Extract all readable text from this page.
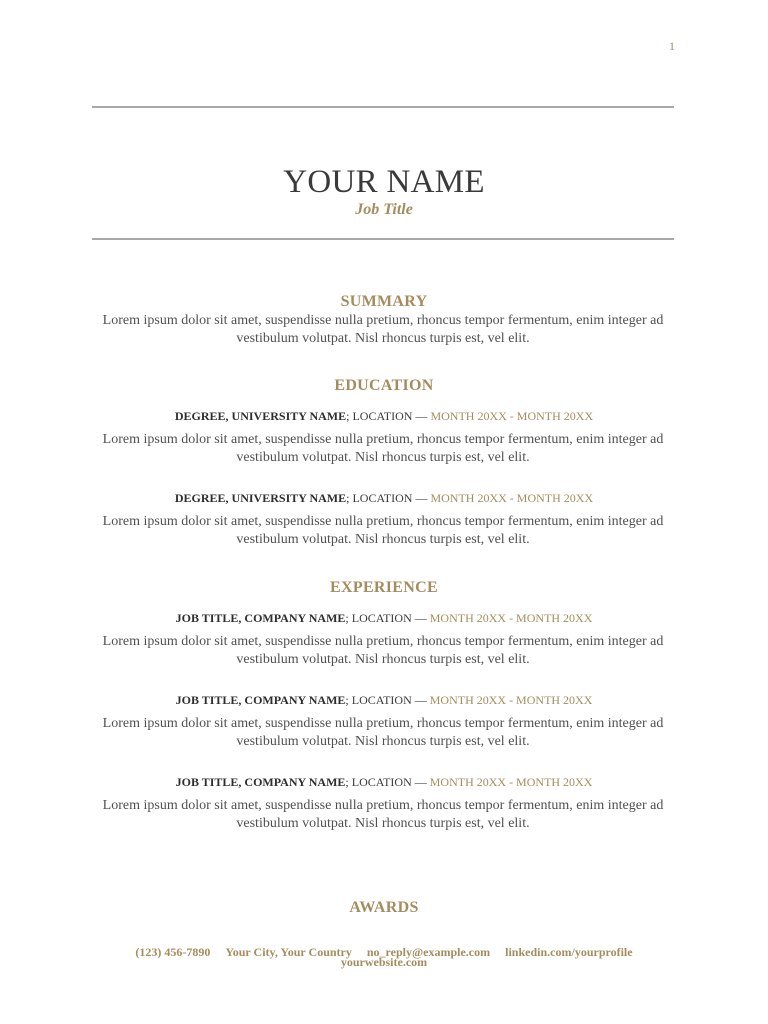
1
YOUR NAME
Job Title
SUMMARY
Lorem ipsum dolor sit amet, suspendisse nulla pretium, rhoncus tempor fermentum, enim integer ad vestibulum volutpat. Nisl rhoncus turpis est, vel elit.
EDUCATION
DEGREE, UNIVERSITY NAME; LOCATION — MONTH 20XX - MONTH 20XX
Lorem ipsum dolor sit amet, suspendisse nulla pretium, rhoncus tempor fermentum, enim integer ad vestibulum volutpat. Nisl rhoncus turpis est, vel elit.
DEGREE, UNIVERSITY NAME; LOCATION — MONTH 20XX - MONTH 20XX
Lorem ipsum dolor sit amet, suspendisse nulla pretium, rhoncus tempor fermentum, enim integer ad vestibulum volutpat. Nisl rhoncus turpis est, vel elit.
EXPERIENCE
JOB TITLE, COMPANY NAME; LOCATION — MONTH 20XX - MONTH 20XX
Lorem ipsum dolor sit amet, suspendisse nulla pretium, rhoncus tempor fermentum, enim integer ad vestibulum volutpat. Nisl rhoncus turpis est, vel elit.
JOB TITLE, COMPANY NAME; LOCATION — MONTH 20XX - MONTH 20XX
Lorem ipsum dolor sit amet, suspendisse nulla pretium, rhoncus tempor fermentum, enim integer ad vestibulum volutpat. Nisl rhoncus turpis est, vel elit.
JOB TITLE, COMPANY NAME; LOCATION — MONTH 20XX - MONTH 20XX
Lorem ipsum dolor sit amet, suspendisse nulla pretium, rhoncus tempor fermentum, enim integer ad vestibulum volutpat. Nisl rhoncus turpis est, vel elit.
AWARDS
(123) 456-7890 Your City, Your Country no_reply@example.com linkedin.com/yourprofile
yourwebsite.com
